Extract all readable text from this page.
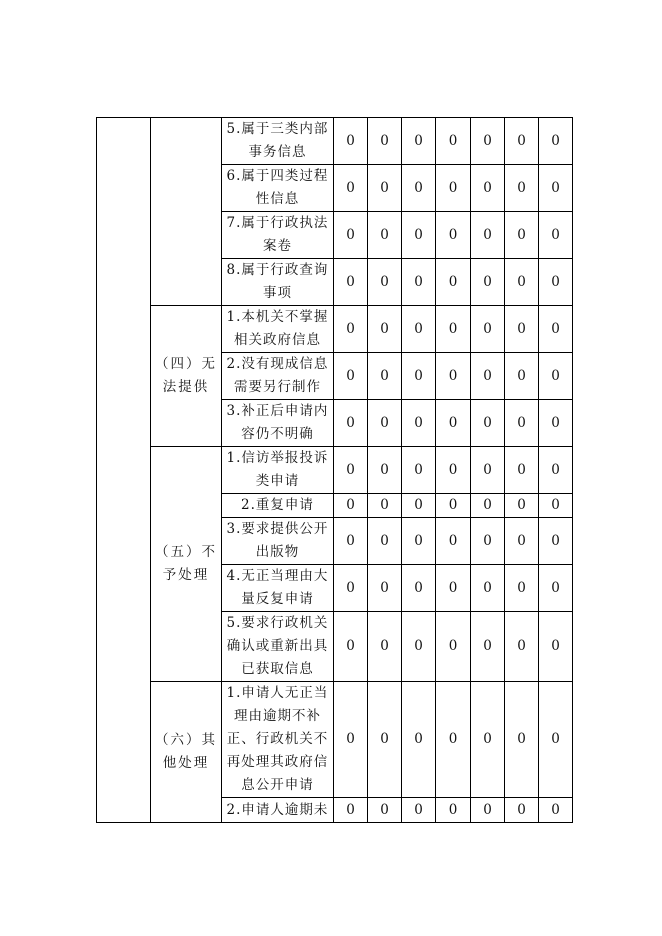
		5.属于三类内部事务信息	0	0	0	0	0	0	0
		6.属于四类过程性信息	0	0	0	0	0	0	0
		7.属于行政执法案卷	0	0	0	0	0	0	0
		8.属于行政查询事项	0	0	0	0	0	0	0
	（四）无法提供	1.本机关不掌握相关政府信息	0	0	0	0	0	0	0
		2.没有现成信息需要另行制作	0	0	0	0	0	0	0
		3.补正后申请内容仍不明确	0	0	0	0	0	0	0
	（五）不予处理	1.信访举报投诉类申请	0	0	0	0	0	0	0
		2.重复申请	0	0	0	0	0	0	0
		3.要求提供公开出版物	0	0	0	0	0	0	0
		4.无正当理由大量反复申请	0	0	0	0	0	0	0
		5.要求行政机关确认或重新出具已获取信息	0	0	0	0	0	0	0
	（六）其他处理	1.申请人无正当理由逾期不补正、行政机关不再处理其政府信息公开申请	0	0	0	0	0	0	0
		2.申请人逾期未	0	0	0	0	0	0	0
